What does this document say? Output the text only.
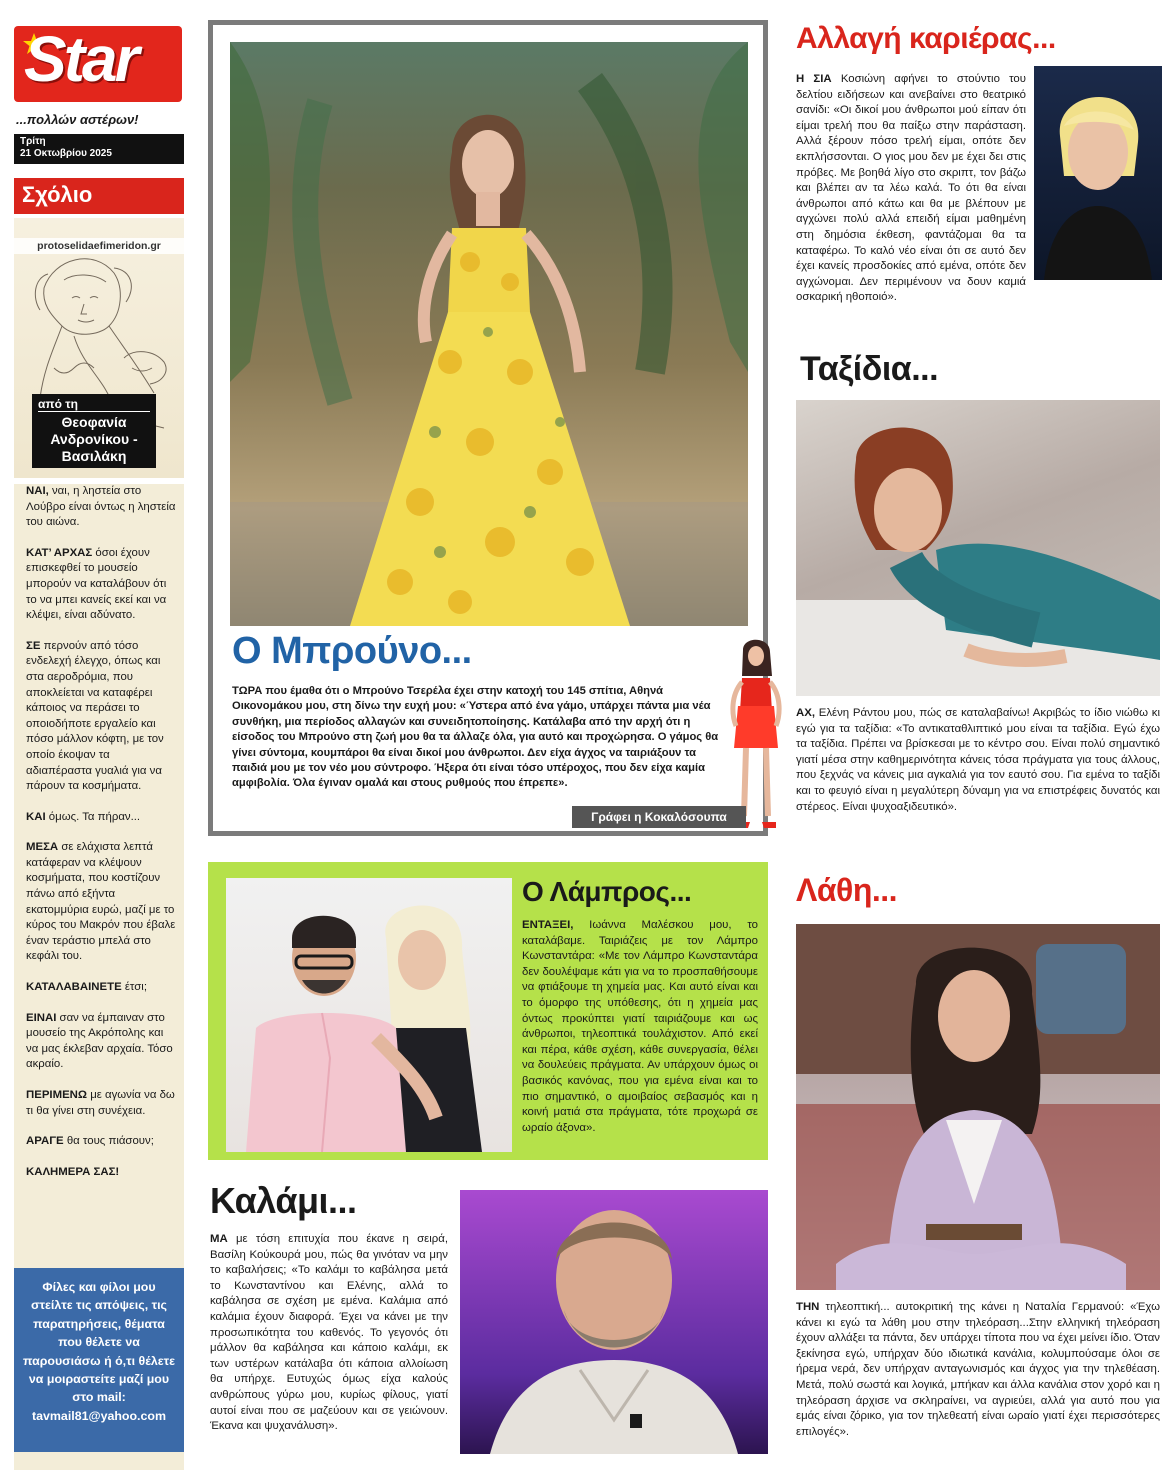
Star
...πολλών αστέρων!
Τρίτη
21 Οκτωβρίου 2025
Σχόλιο
protoselidaefimeridon.gr
από τη
Θεοφανία Ανδρονίκου - Βασιλάκη

ΝΑΙ, ναι, η ληστεία στο Λούβρο είναι όντως η ληστεία του αιώνα.

ΚΑΤ’ ΑΡΧΑΣ όσοι έχουν επισκεφθεί το μουσείο μπορούν να καταλάβουν ότι το να μπει κανείς εκεί και να κλέψει, είναι αδύνατο.

ΣΕ περνούν από τόσο ενδελεχή έλεγχο, όπως και στα αεροδρόμια, που αποκλείεται να καταφέρει κάποιος να περάσει το οποιοδήποτε εργαλείο και πόσο μάλλον κόφτη, με τον οποίο έκοψαν τα αδιαπέραστα γυαλιά για να πάρουν τα κοσμήματα.

ΚΑΙ όμως. Τα πήραν...

ΜΕΣΑ σε ελάχιστα λεπτά κατάφεραν να κλέψουν κοσμήματα, που κοστίζουν πάνω από εξήντα εκατομμύρια ευρώ, μαζί με το κύρος του Μακρόν που έβαλε έναν τεράστιο μπελά στο κεφάλι του.

ΚΑΤΑΛΑΒΑΙΝΕΤΕ έτσι;

ΕΙΝΑΙ σαν να έμπαιναν στο μουσείο της Ακρόπολης και να μας έκλεβαν αρχαία. Τόσο ακραίο.

ΠΕΡΙΜΕΝΩ με αγωνία να δω τι θα γίνει στη συνέχεια.

ΑΡΑΓΕ θα τους πιάσουν;

ΚΑΛΗΜΕΡΑ ΣΑΣ!

Φίλες και φίλοι μου στείλτε τις απόψεις, τις παρατηρήσεις, θέματα που θέλετε να παρουσιάσω ή ό,τι θέλετε να μοιραστείτε μαζί μου στο mail: tavmail81@yahoo.com
Ο Μπρούνο...

ΤΩΡΑ που έμαθα ότι ο Μπρούνο Τσερέλα έχει στην κατοχή του 145 σπίτια, Αθηνά Οικονομάκου μου, στη δίνω την ευχή μου: «Ύστερα από ένα γάμο, υπάρχει πάντα μια νέα συνθήκη, μια περίοδος αλλαγών και συνειδητοποίησης. Κατάλαβα από την αρχή ότι η είσοδος του Μπρούνο στη ζωή μου θα τα άλλαζε όλα, για αυτό και προχώρησα. Ο γάμος θα γίνει σύντομα, κουμπάροι θα είναι δικοί μου άνθρωποι. Δεν είχα άγχος να ταιριάξουν τα παιδιά μου με τον νέο μου σύντροφο. Ήξερα ότι είναι τόσο υπέροχος, που δεν είχα καμία αμφιβολία. Όλα έγιναν ομαλά και στους ρυθμούς που έπρεπε».

Γράφει η Κοκαλόσουπα
Ο Λάμπρος...

ΕΝΤΑΞΕΙ, Ιωάννα Μαλέσκου μου, το καταλάβαμε. Ταιριάζεις με τον Λάμπρο Κωνσταντάρα: «Με τον Λάμπρο Κωνσταντάρα δεν δουλέψαμε κάτι για να το προσπαθήσουμε να φτιάξουμε τη χημεία μας. Και αυτό είναι και το όμορφο της υπόθεσης, ότι η χημεία μας όντως προκύπτει γιατί ταιριάζουμε και ως άνθρωποι, τηλεοπτικά τουλάχιστον. Από εκεί και πέρα, κάθε σχέση, κάθε συνεργασία, θέλει να δουλεύεις πράγματα. Αν υπάρχουν όμως οι βασικός κανόνας, που για εμένα είναι και το πιο σημαντικό, ο αμοιβαίος σεβασμός και η κοινή ματιά στα πράγματα, τότε προχωρά σε ωραίο άξονα».

Καλάμι...

ΜΑ με τόση επιτυχία που έκανε η σειρά, Βασίλη Κούκουρά μου, πώς θα γινόταν να μην το καβαλήσεις; «Το καλάμι το καβάλησα μετά το Κωνσταντίνου και Ελένης, αλλά το καβάλησα σε σχέση με εμένα. Καλάμια από καλάμια έχουν διαφορά. Έχει να κάνει με την προσωπικότητα του καθενός. Το γεγονός ότι μάλλον θα καβάλησα και κάποιο καλάμι, εκ των υστέρων κατάλαβα ότι κάποια αλλοίωση θα υπήρχε. Ευτυχώς όμως είχα καλούς ανθρώπους γύρω μου, κυρίως φίλους, γιατί αυτοί είναι που σε μαζεύουν και σε γειώνουν. Έκανα και ψυχανάλυση».

Αλλαγή καριέρας...

Η ΣΙΑ Κοσιώνη αφήνει το στούντιο του δελτίου ειδήσεων και ανεβαίνει στο θεατρικό σανίδι: «Οι δικοί μου άνθρωποι μού είπαν ότι είμαι τρελή που θα παίξω στην παράσταση. Αλλά ξέρουν πόσο τρελή είμαι, οπότε δεν εκπλήσσονται. Ο γιος μου δεν με έχει δει στις πρόβες. Με βοηθά λίγο στο σκριπτ, τον βάζω και βλέπει αν τα λέω καλά. Το ότι θα είναι άνθρωποι από κάτω και θα με βλέπουν με αγχώνει πολύ αλλά επειδή είμαι μαθημένη στη δημόσια έκθεση, φαντάζομαι θα τα καταφέρω. Το καλό νέο είναι ότι σε αυτό δεν έχει κανείς προσδοκίες από εμένα, οπότε δεν αγχώνομαι. Δεν περιμένουν να δουν καμιά οσκαρική ηθοποιό».

Ταξίδια...

ΑΧ, Ελένη Ράντου μου, πώς σε καταλαβαίνω! Ακριβώς το ίδιο νιώθω κι εγώ για τα ταξίδια: «Το αντικαταθλιπτικό μου είναι τα ταξίδια. Εγώ έχω τα ταξίδια. Πρέπει να βρίσκεσαι με το κέντρο σου. Είναι πολύ σημαντικό γιατί μέσα στην καθημερινότητα κάνεις τόσα πράγματα για τους άλλους, που ξεχνάς να κάνεις μια αγκαλιά για τον εαυτό σου. Για εμένα το ταξίδι και το φευγιό είναι η μεγαλύτερη δύναμη για να επιστρέφεις δυνατός και στέρεος. Είναι ψυχοαξιδευτικό».

Λάθη...

ΤΗΝ τηλεοπτική... αυτοκριτική της κάνει η Ναταλία Γερμανού: «Έχω κάνει κι εγώ τα λάθη μου στην τηλεόραση...Στην ελληνική τηλεόραση έχουν αλλάξει τα πάντα, δεν υπάρχει τίποτα που να έχει μείνει ίδιο. Όταν ξεκίνησα εγώ, υπήρχαν δύο ιδιωτικά κανάλια, κολυμπούσαμε όλοι σε ήρεμα νερά, δεν υπήρχαν ανταγωνισμός και άγχος για την τηλεθέαση. Μετά, πολύ σωστά και λογικά, μπήκαν και άλλα κανάλια στον χορό και η τηλεόραση άρχισε να σκληραίνει, να αγριεύει, αλλά για αυτό που για εμάς είναι ζόρικο, για τον τηλεθεατή είναι ωραίο γιατί έχει περισσότερες επιλογές».
